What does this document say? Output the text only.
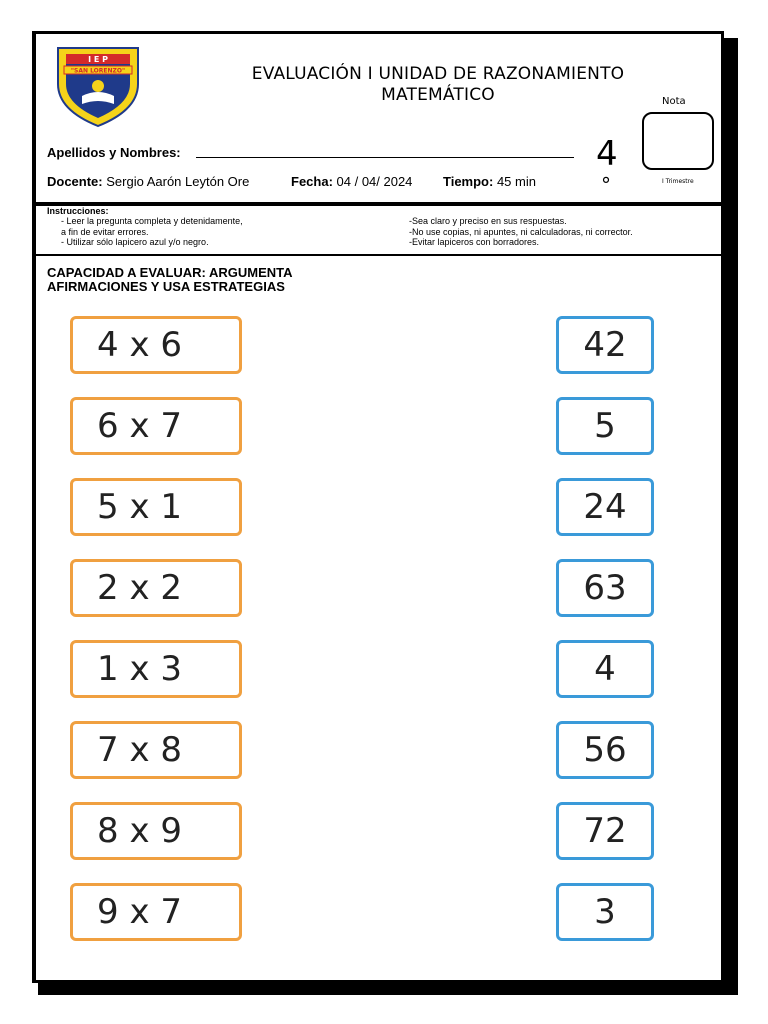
I E P
"SAN LORENZO"	EVALUACIÓN I UNIDAD DE RAZONAMIENTO
MATEMÁTICO	Nota
4
°	I Trimestre
Apellidos y Nombres:
Docente: Sergio Aarón Leytón Ore	Fecha: 04 / 04/ 2024 Tiempo: 45 min
Instrucciones:
- Leer la pregunta completa y detenidamente,
a fin de evitar errores.
- Utilizar sólo lapicero azul y/o negro.
-Sea claro y preciso en sus respuestas.
-No use copias, ni apuntes, ni calculadoras, ni corrector.
-Evitar lapiceros con borradores.
CAPACIDAD A EVALUAR: ARGUMENTA
AFIRMACIONES Y USA ESTRATEGIAS
4 x 6
6 x 7
5 x 1
2 x 2
1 x 3
7 x 8
8 x 9
9 x 7
42
5
24
63
4
56
72
3
